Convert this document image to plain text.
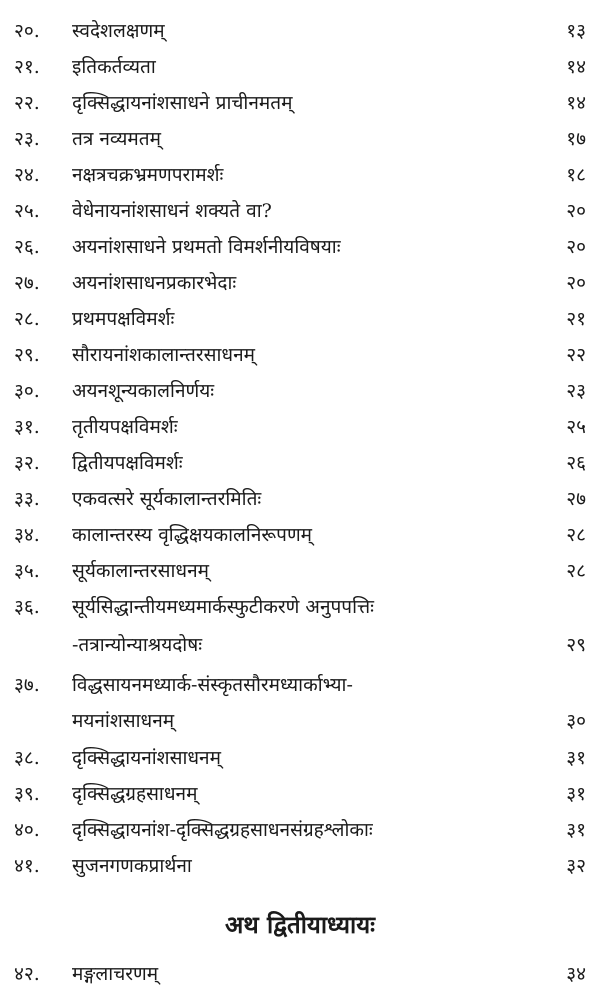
२०. स्वदेशलक्षणम्	१३
२१. इतिकर्तव्यता	१४
२२. दृक्सिद्धायनांशसाधने प्राचीनमतम्	१४
२३. तत्र नव्यमतम्	१७
२४. नक्षत्रचक्रभ्रमणपरामर्शः	१८
२५. वेधेनायनांशसाधनं शक्यते वा?	२०
२६. अयनांशसाधने प्रथमतो विमर्शनीयविषयाः	२०
२७. अयनांशसाधनप्रकारभेदाः	२०
२८. प्रथमपक्षविमर्शः	२१
२९. सौरायनांशकालान्तरसाधनम्	२२
३०. अयनशून्यकालनिर्णयः	२३
३१. तृतीयपक्षविमर्शः	२५
३२. द्वितीयपक्षविमर्शः	२६
३३. एकवत्सरे सूर्यकालान्तरमितिः	२७
३४. कालान्तरस्य वृद्धिक्षयकालनिरूपणम्	२८
३५. सूर्यकालान्तरसाधनम्	२८
३६. सूर्यसिद्धान्तीयमध्यमार्कस्फुटीकरणे अनुपपत्तिः
-तत्रान्योन्याश्रयदोषः	२९
३७. विद्धसायनमध्यार्क-संस्कृतसौरमध्यार्काभ्या-
मयनांशसाधनम्	३०
३८. दृक्सिद्धायनांशसाधनम्	३१
३९. दृक्सिद्धग्रहसाधनम्	३१
४०. दृक्सिद्धायनांश-दृक्सिद्धग्रहसाधनसंग्रहश्लोकाः	३१
४१. सुजनगणकप्रार्थना	३२
अथ द्वितीयाध्यायः
४२. मङ्गलाचरणम्	३४
